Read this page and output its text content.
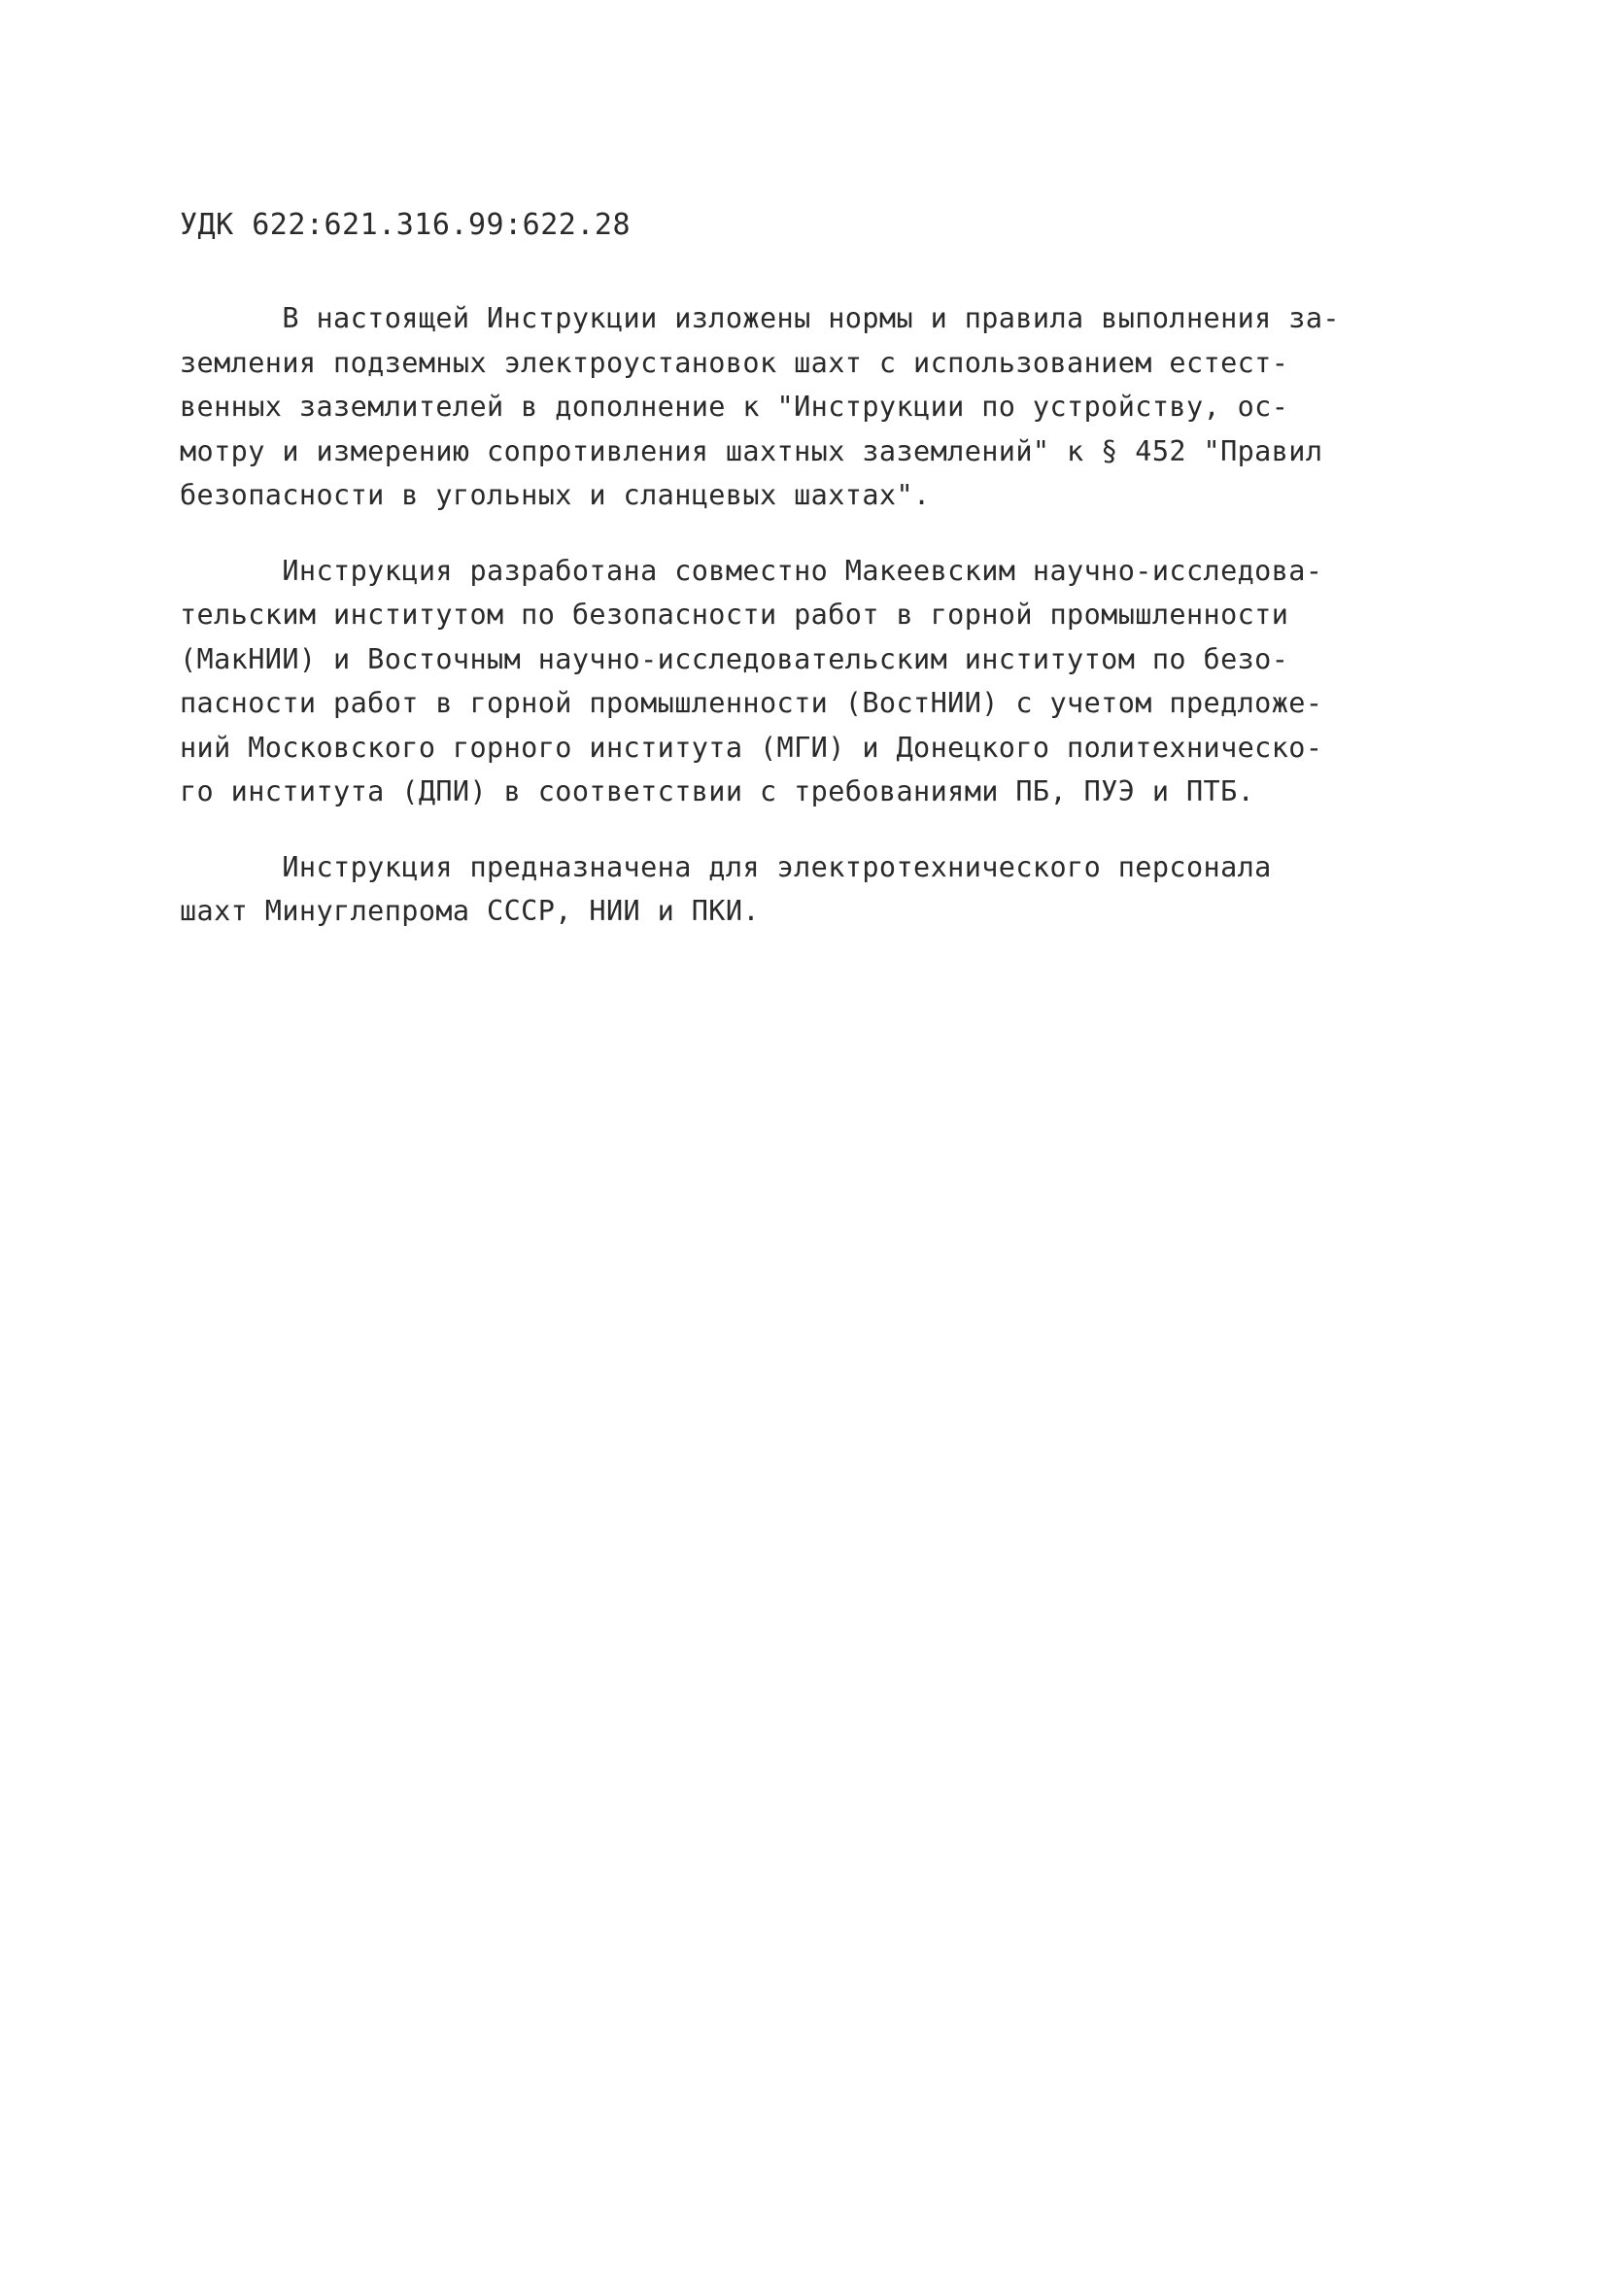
УДК 622:621.316.99:622.28
В настоящей Инструкции изложены нормы и правила выполнения за-
земления подземных электроустановок шахт с использованием естест-
венных заземлителей в дополнение к "Инструкции по устройству, ос-
мотру и измерению сопротивления шахтных заземлений" к § 452 "Правил
безопасности в угольных и сланцевых шахтах".
Инструкция разработана совместно Макеевским научно-исследова-
тельским институтом по безопасности работ в горной промышленности
(МакНИИ) и Восточным научно-исследовательским институтом по безо-
пасности работ в горной промышленности (ВостНИИ) с учетом предложе-
ний Московского горного института (МГИ) и Донецкого политехническо-
го института (ДПИ) в соответствии с требованиями ПБ, ПУЭ и ПТБ.
Инструкция предназначена для электротехнического персонала
шахт Минуглепрома СССР, НИИ и ПКИ.
